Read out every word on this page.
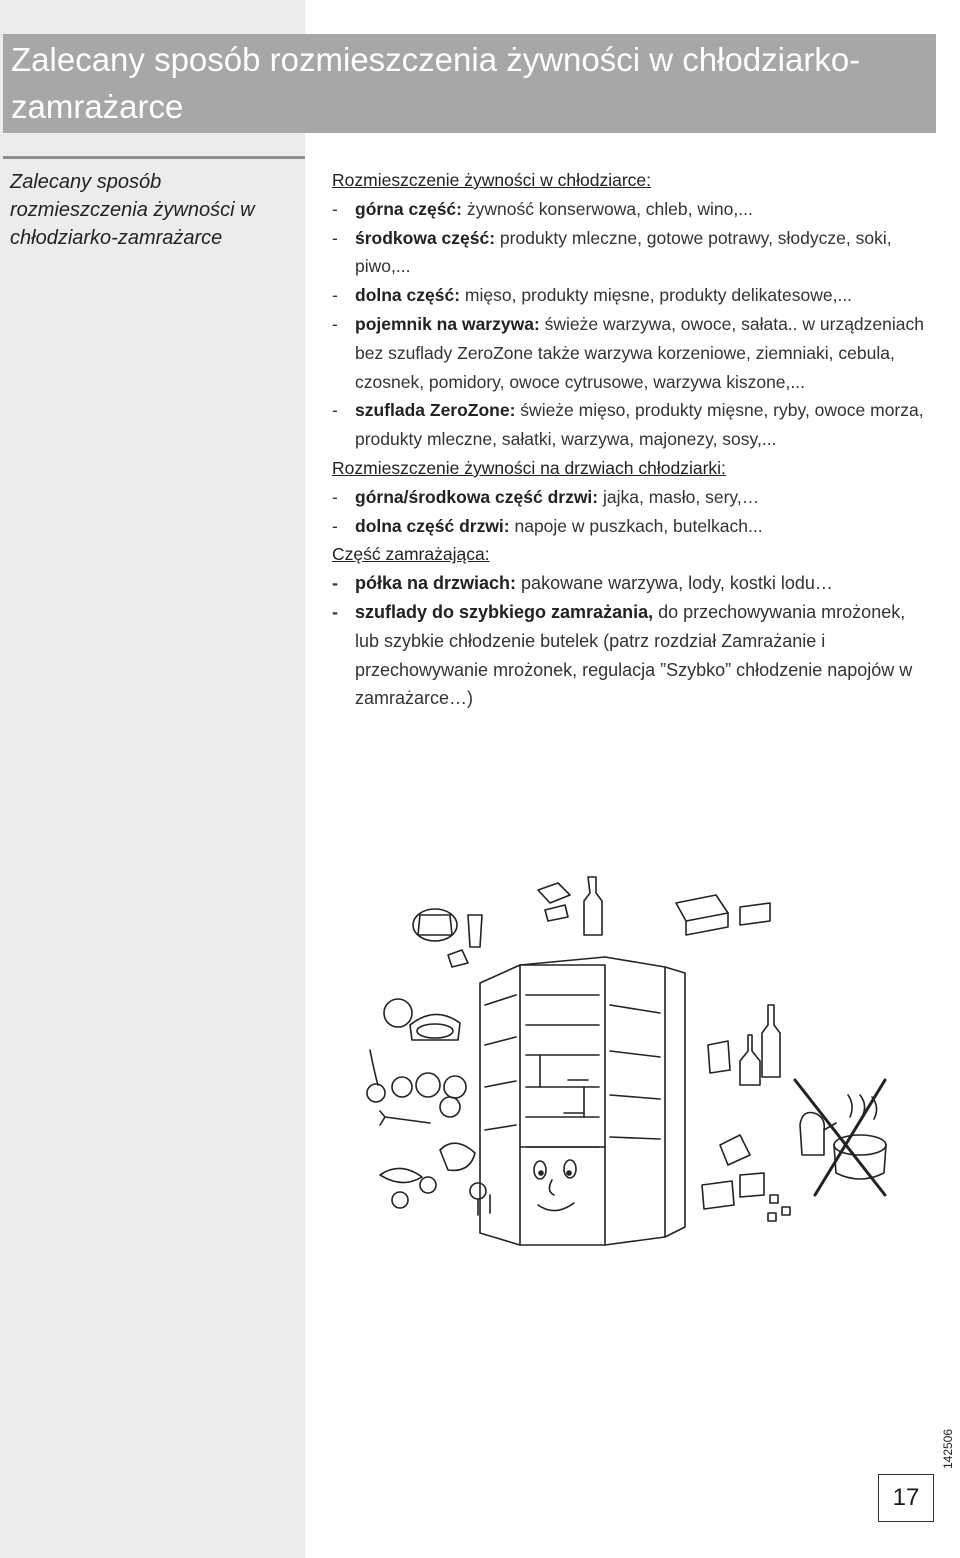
Zalecany sposób rozmieszczenia żywności w chłodziarko-zamrażarce
Zalecany sposób rozmieszczenia żywności w chłodziarko-zamrażarce
Rozmieszczenie żywności w chłodziarce:
- górna część: żywność konserwowa, chleb, wino,...
- środkowa część: produkty mleczne, gotowe potrawy, słodycze, soki, piwo,...
- dolna część: mięso, produkty mięsne, produkty delikatesowe,...
- pojemnik na warzywa: świeże warzywa, owoce, sałata.. w urządzeniach bez szuflady ZeroZone także warzywa korzeniowe, ziemniaki, cebula, czosnek, pomidory, owoce cytrusowe, warzywa kiszone,...
- szuflada ZeroZone: świeże mięso, produkty mięsne, ryby, owoce morza, produkty mleczne, sałatki, warzywa, majonezy, sosy,...
Rozmieszczenie żywności na drzwiach chłodziarki:
- górna/środkowa część drzwi: jajka, masło, sery,…
- dolna część drzwi: napoje w puszkach, butelkach...
Część zamrażająca:
- półka na drzwiach: pakowane warzywa, lody, kostki lodu…
- szuflady do szybkiego zamrażania, do przechowywania mrożonek, lub szybkie chłodzenie butelek (patrz rozdział Zamrażanie i przechowywanie mrożonek, regulacja ”Szybko” chłodzenie napojów w zamrażarce…)
142506
17
